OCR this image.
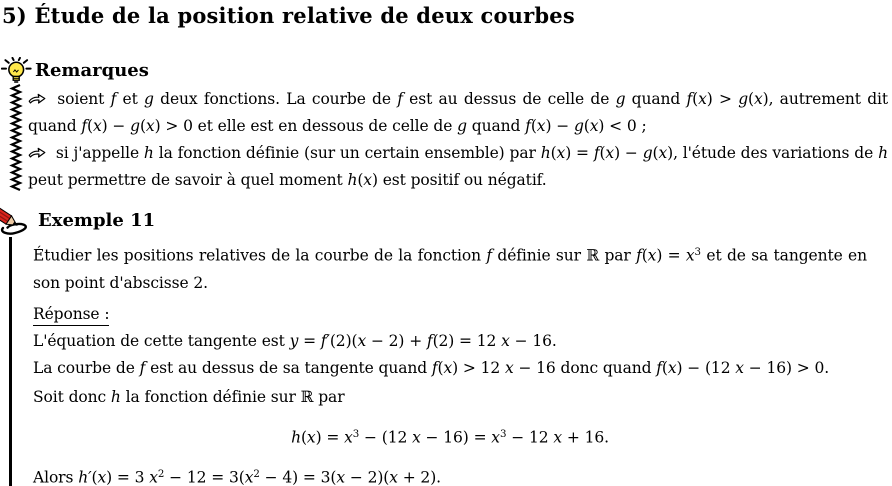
5) Étude de la position relative de deux courbes
Remarques

soient f et g deux fonctions. La courbe de f est au dessus de celle de g quand f(x) > g(x), autrement dit quand f(x) − g(x) > 0 et elle est en dessous de celle de g quand f(x) − g(x) < 0 ;

si j'appelle h la fonction définie (sur un certain ensemble) par h(x) = f(x) − g(x), l'étude des variations de h peut permettre de savoir à quel moment h(x) est positif ou négatif.

Exemple 11

Étudier les positions relatives de la courbe de la fonction f définie sur ℝ par $f(x) = x^3$ et de sa tangente en son point d'abscisse 2.

Réponse :

L'équation de cette tangente est y = f′(2)(x − 2) + f(2) = 12 x − 16.

La courbe de f est au dessus de sa tangente quand f(x) > 12 x − 16 donc quand f(x) − (12 x − 16) > 0.

Soit donc h la fonction définie sur ℝ par

$h(x) = x^3 - (12$ $x - 16) = x^3 - 12$ x + 16.

Alors h′(x) = 3 $x^2 - 12 = 3(x^2 - 4) = 3(x - 2)(x + 2)$.
